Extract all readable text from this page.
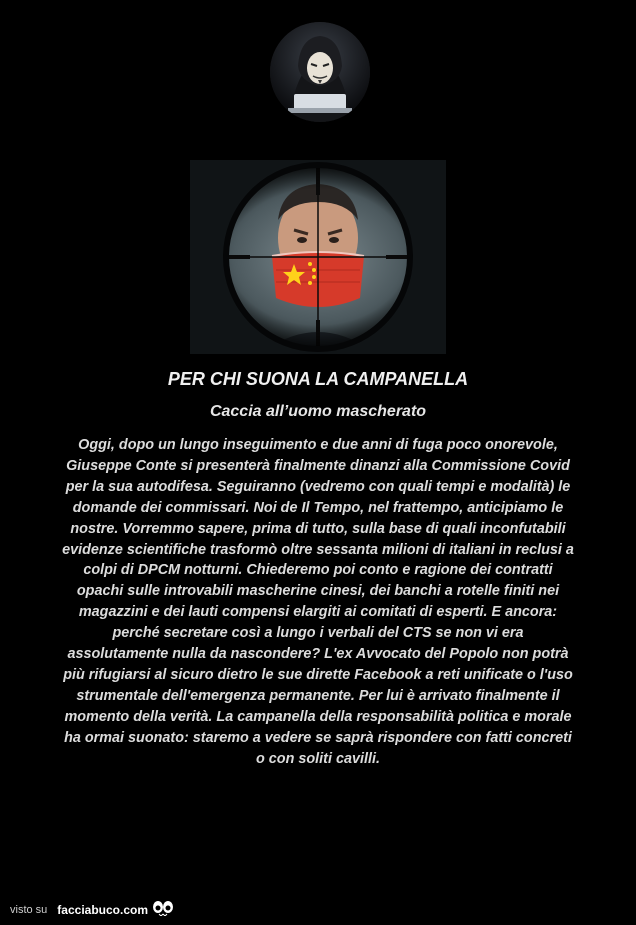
PER CHI SUONA LA CAMPANELLA
Caccia all’uomo mascherato
Oggi, dopo un lungo inseguimento e due anni di fuga poco onorevole, Giuseppe Conte si presenterà finalmente dinanzi alla Commissione Covid per la sua autodifesa. Seguiranno (vedremo con quali tempi e modalità) le domande dei commissari. Noi de Il Tempo, nel frattempo, anticipiamo le nostre. Vorremmo sapere, prima di tutto, sulla base di quali inconfutabili evidenze scientifiche trasformò oltre sessanta milioni di italiani in reclusi a colpi di DPCM notturni. Chiederemo poi conto e ragione dei contratti opachi sulle introvabili mascherine cinesi, dei banchi a rotelle finiti nei magazzini e dei lauti compensi elargiti ai comitati di esperti. E ancora: perché secretare così a lungo i verbali del CTS se non vi era assolutamente nulla da nascondere? L'ex Avvocato del Popolo non potrà più rifugiarsi al sicuro dietro le sue dirette Facebook a reti unificate o l'uso strumentale dell'emergenza permanente. Per lui è arrivato finalmente il momento della verità. La campanella della responsabilità politica e morale ha ormai suonato: staremo a vedere se saprà rispondere con fatti concreti o con soliti cavilli.
visto su facciabuco.com
